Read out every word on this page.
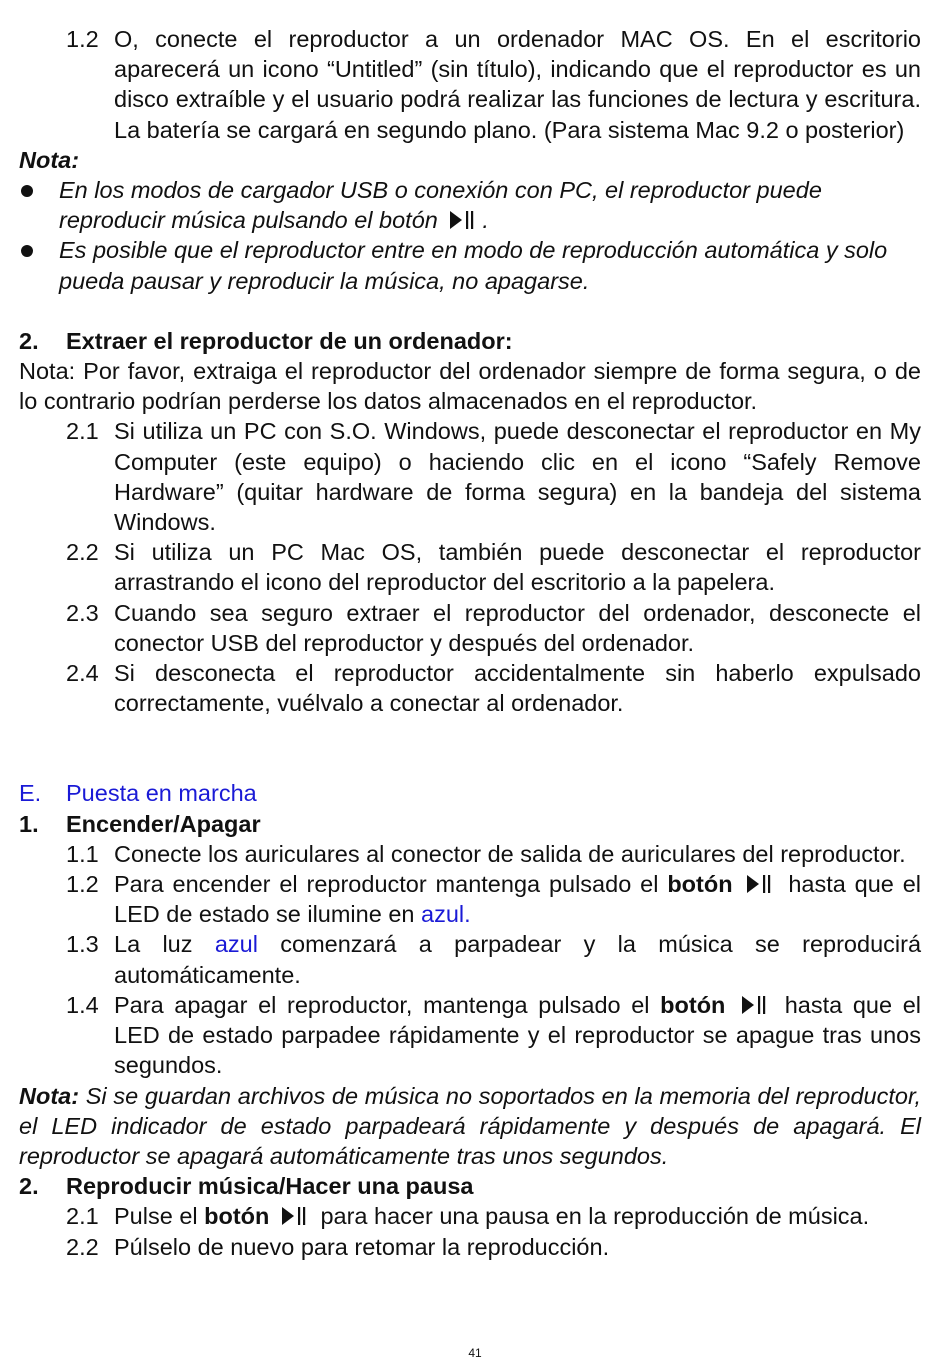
1.2 O, conecte el reproductor a un ordenador MAC OS. En el escritorio aparecerá un icono “Untitled” (sin título), indicando que el reproductor es un disco extraíble y el usuario podrá realizar las funciones de lectura y escritura. La batería se cargará en segundo plano. (Para sistema Mac 9.2 o posterior)

Nota:

En los modos de cargador USB o conexión con PC, el reproductor puede reproducir música pulsando el botón .
Es posible que el reproductor entre en modo de reproducción automática y solo pueda pausar y reproducir la música, no apagarse.
2. Extraer el reproductor de un ordenador:

Nota: Por favor, extraiga el reproductor del ordenador siempre de forma segura, o de lo contrario podrían perderse los datos almacenados en el reproductor.

2.1 Si utiliza un PC con S.O. Windows, puede desconectar el reproductor en My Computer (este equipo) o haciendo clic en el icono “Safely Remove Hardware” (quitar hardware de forma segura) en la bandeja del sistema Windows.
2.2 Si utiliza un PC Mac OS, también puede desconectar el reproductor arrastrando el icono del reproductor del escritorio a la papelera.
2.3 Cuando sea seguro extraer el reproductor del ordenador, desconecte el conector USB del reproductor y después del ordenador.
2.4 Si desconecta el reproductor accidentalmente sin haberlo expulsado correctamente, vuélvalo a conectar al ordenador.
E. Puesta en marcha
1. Encender/Apagar
1.1 Conecte los auriculares al conector de salida de auriculares del reproductor.
1.2 Para encender el reproductor mantenga pulsado el botón hasta que el LED de estado se ilumine en azul.
1.3 La luz azul comenzará a parpadear y la música se reproducirá automáticamente.
1.4 Para apagar el reproductor, mantenga pulsado el botón	hasta que el LED de estado parpadee rápidamente y el reproductor se apague tras unos segundos.

Nota: Si se guardan archivos de música no soportados en la memoria del reproductor, el LED indicador de estado parpadeará rápidamente y después de apagará. El reproductor se apagará automáticamente tras unos segundos.

2. Reproducir música/Hacer una pausa
2.1 Pulse el botón para hacer una pausa en la reproducción de música.
2.2 Púlselo de nuevo para retomar la reproducción.
41
